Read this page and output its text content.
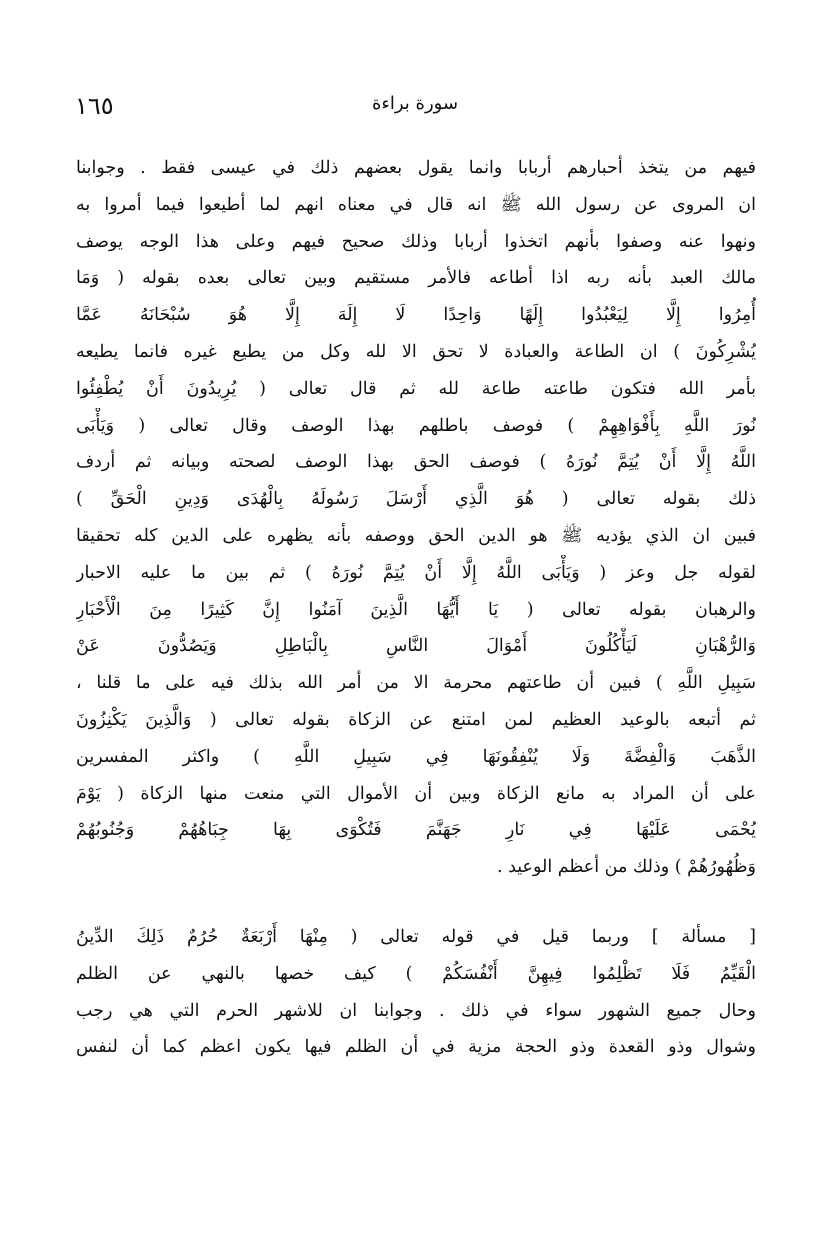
١٦٥	سورة براءة
فيهم من يتخذ أحبارهم أربابا وانما يقول بعضهم ذلك في عيسى فقط . وجوابنا
ان المروى عن رسول الله ﷺ انه قال في معناه انهم لما أطيعوا فيما أمروا به
ونهوا عنه وصفوا بأنهم اتخذوا أربابا وذلك صحيح فيهم وعلى هذا الوجه يوصف
مالك العبد بأنه ربه اذا أطاعه فالأمر مستقيم وبين تعالى بعده بقوله ( وَمَا
أُمِرُوا إِلَّا لِيَعْبُدُوا إِلَهًا وَاحِدًا لَا إِلَهَ إِلَّا هُوَ سُبْحَانَهُ عَمَّا
يُشْرِكُونَ ) ان الطاعة والعبادة لا تحق الا لله وكل من يطيع غيره فانما يطيعه
بأمر الله فتكون طاعته طاعة لله ثم قال تعالى ( يُرِيدُونَ أَنْ يُطْفِئُوا
نُورَ اللَّهِ بِأَفْوَاهِهِمْ ) فوصف باطلهم بهذا الوصف وقال تعالى ( وَيَأْبَى
اللَّهُ إِلَّا أَنْ يُتِمَّ نُورَهُ ) فوصف الحق بهذا الوصف لصحته وبيانه ثم أردف
ذلك بقوله تعالى ( هُوَ الَّذِي أَرْسَلَ رَسُولَهُ بِالْهُدَى وَدِينِ الْحَقِّ )
فبين ان الذي يؤديه ﷺ هو الدين الحق ووصفه بأنه يظهره على الدين كله تحقيقا
لقوله جل وعز ( وَيَأْبَى اللَّهُ إِلَّا أَنْ يُتِمَّ نُورَهُ ) ثم بين ما عليه الاحبار
والرهبان بقوله تعالى ( يَا أَيُّهَا الَّذِينَ آمَنُوا إِنَّ كَثِيرًا مِنَ الْأَحْبَارِ
وَالرُّهْبَانِ لَيَأْكُلُونَ أَمْوَالَ النَّاسِ بِالْبَاطِلِ وَيَصُدُّونَ عَنْ
سَبِيلِ اللَّهِ ) فبين أن طاعتهم محرمة الا من أمر الله بذلك فيه على ما قلنا ،
ثم أتبعه بالوعيد العظيم لمن امتنع عن الزكاة بقوله تعالى ( وَالَّذِينَ يَكْنِزُونَ
الذَّهَبَ وَالْفِضَّةَ وَلَا يُنْفِقُونَهَا فِي سَبِيلِ اللَّهِ ) واكثر المفسرين
على أن المراد به مانع الزكاة وبين أن الأموال التي منعت منها الزكاة ( يَوْمَ
يُحْمَى عَلَيْهَا فِي نَارِ جَهَنَّمَ فَتُكْوَى بِهَا جِبَاهُهُمْ وَجُنُوبُهُمْ
وَظُهُورُهُمْ ) وذلك من أعظم الوعيد .
[ مسألة ] وربما قيل في قوله تعالى ( مِنْهَا أَرْبَعَةٌ حُرُمٌ ذَلِكَ الدِّينُ
الْقَيِّمُ فَلَا تَظْلِمُوا فِيهِنَّ أَنْفُسَكُمْ ) كيف خصها بالنهي عن الظلم
وحال جميع الشهور سواء في ذلك . وجوابنا ان للاشهر الحرم التي هي رجب
وشوال وذو القعدة وذو الحجة مزية في أن الظلم فيها يكون اعظم كما أن لنفس
